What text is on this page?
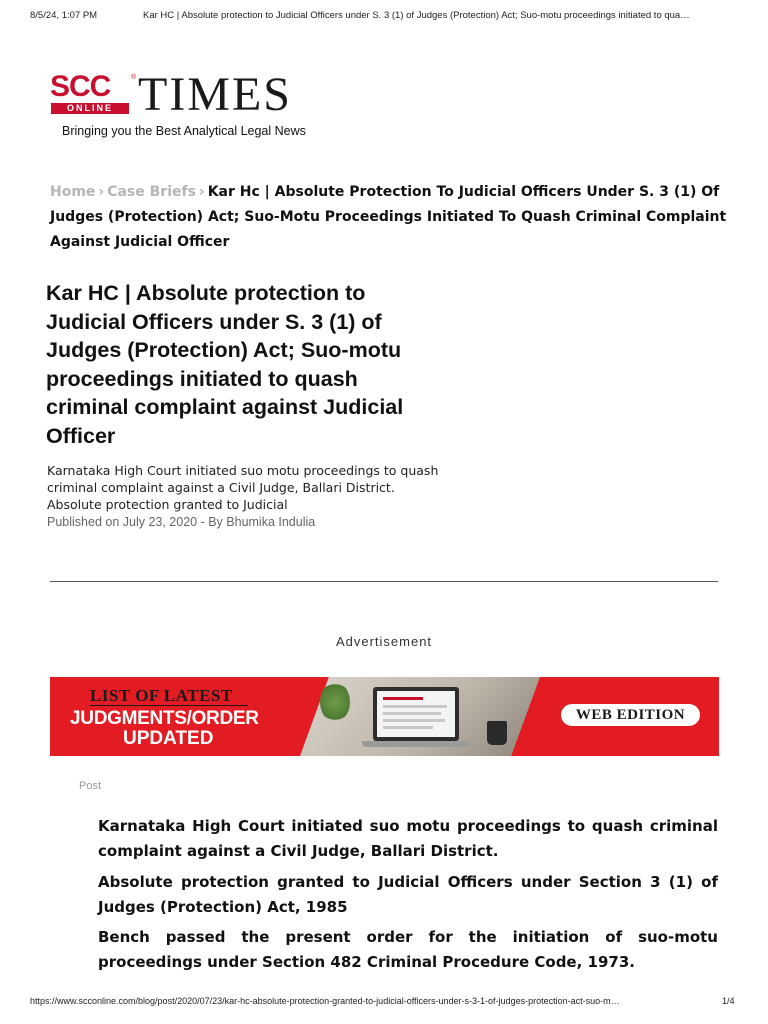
8/5/24, 1:07 PM	Kar HC | Absolute protection to Judicial Officers under S. 3 (1) of Judges (Protection) Act; Suo-motu proceedings initiated to qua…
SCC	®
ONLINE TIMES
Bringing you the Best Analytical Legal News
Home › Case Briefs › Kar Hc | Absolute Protection To Judicial Officers Under S. 3 (1) Of Judges (Protection) Act; Suo-Motu Proceedings Initiated To Quash Criminal Complaint Against Judicial Officer
Kar HC | Absolute protection to Judicial Officers under S. 3 (1) of Judges (Protection) Act; Suo-motu proceedings initiated to quash criminal complaint against Judicial Officer

Karnataka High Court initiated suo motu proceedings to quash criminal complaint against a Civil Judge, Ballari District. Absolute protection granted to Judicial

Published on July 23, 2020 - By Bhumika Indulia
Advertisement
LIST OF LATEST
JUDGMENTS/ORDER
UPDATED
WEB EDITION
Post

Karnataka High Court initiated suo motu proceedings to quash criminal complaint against a Civil Judge, Ballari District.

Absolute protection granted to Judicial Officers under Section 3 (1) of Judges (Protection) Act, 1985

Bench passed the present order for the initiation of suo-motu proceedings under Section 482 Criminal Procedure Code, 1973.

https://www.scconline.com/blog/post/2020/07/23/kar-hc-absolute-protection-granted-to-judicial-officers-under-s-3-1-of-judges-protection-act-suo-m…	1/4
